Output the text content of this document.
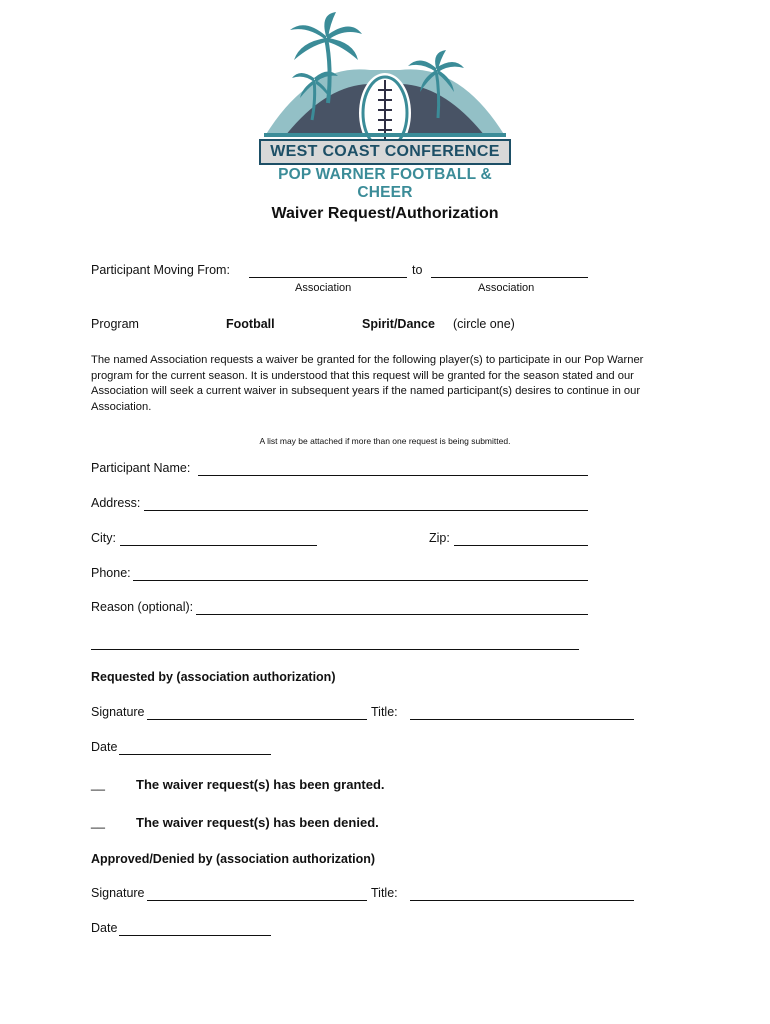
WEST COAST CONFERENCE
POP WARNER FOOTBALL & CHEER
Waiver Request/Authorization
Participant Moving From:	to
Association	Association
Program	Football	Spirit/Dance (circle one)
The named Association requests a waiver be granted for the following player(s) to participate in our Pop Warner program for the current season. It is understood that this request will be granted for the season stated and our Association will seek a current waiver in subsequent years if the named participant(s) desires to continue in our Association.
A list may be attached if more than one request is being submitted.
Participant Name:
Address:
City:	Zip:
Phone:
Reason (optional):
Requested by (association authorization)
Signature	Title:
Date
__ The waiver request(s) has been granted.
__ The waiver request(s) has been denied.
Approved/Denied by (association authorization)
Signature	Title:
Date
